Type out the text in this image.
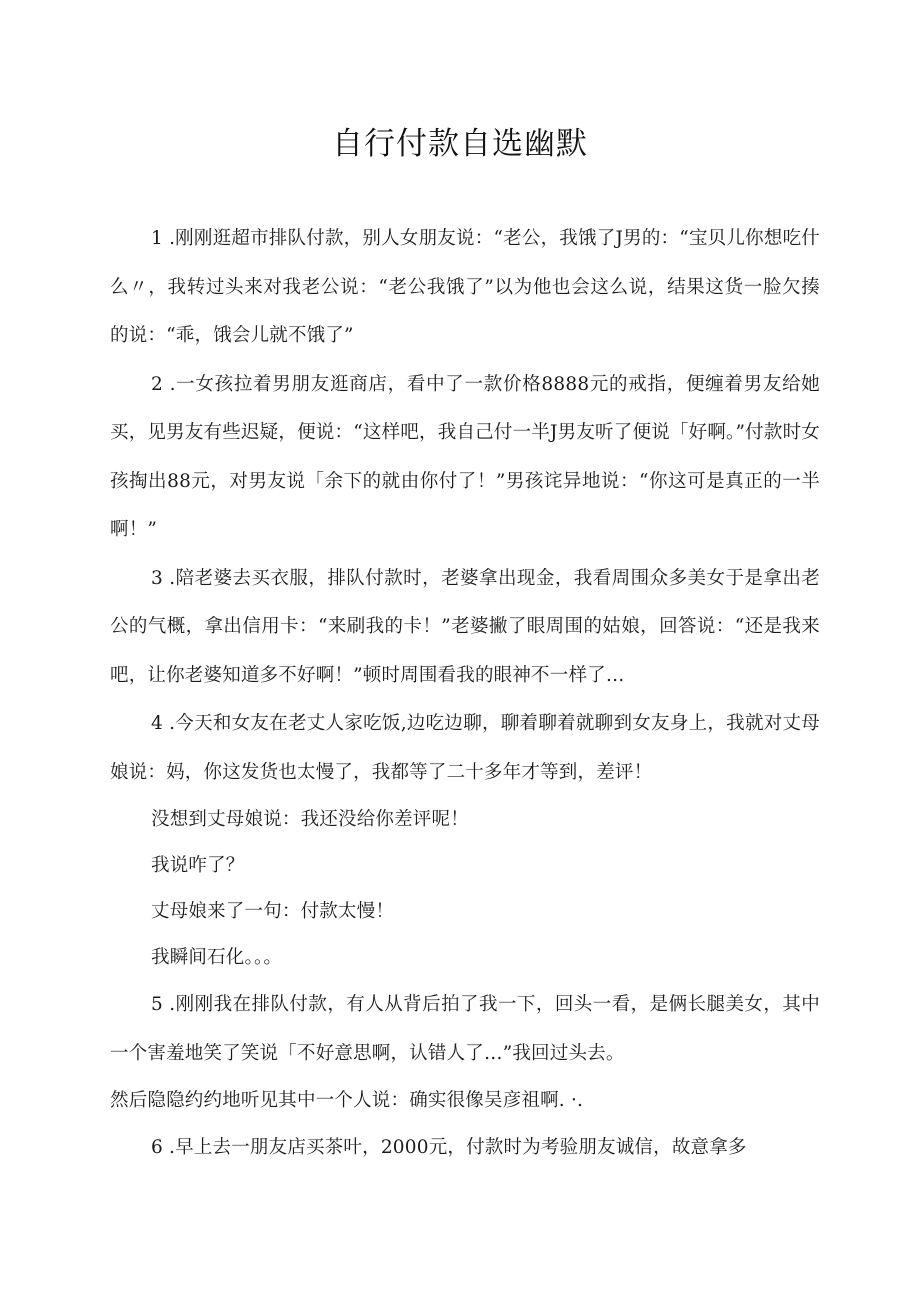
自行付款自选幽默

1 .刚刚逛超市排队付款，别人女朋友说：“老公，我饿了J男的：“宝贝儿你想吃什么〃，我转过头来对我老公说：“老公我饿了”以为他也会这么说，结果这货一脸欠揍的说：“乖，饿会儿就不饿了”

2 .一女孩拉着男朋友逛商店，看中了一款价格8888元的戒指，便缠着男友给她买，见男友有些迟疑，便说：“这样吧，我自己付一半J男友听了便说「好啊。”付款时女孩掏出88元，对男友说「余下的就由你付了！”男孩诧异地说：“你这可是真正的一半啊！”

3 .陪老婆去买衣服，排队付款时，老婆拿出现金，我看周围众多美女于是拿出老公的气概，拿出信用卡：“来刷我的卡！”老婆撇了眼周围的姑娘，回答说：“还是我来吧，让你老婆知道多不好啊！”顿时周围看我的眼神不一样了…

4 .今天和女友在老丈人家吃饭,边吃边聊，聊着聊着就聊到女友身上，我就对丈母娘说：妈，你这发货也太慢了，我都等了二十多年才等到，差评！

没想到丈母娘说：我还没给你差评呢！

我说咋了？

丈母娘来了一句：付款太慢！

我瞬间石化。。。

5 .刚刚我在排队付款，有人从背后拍了我一下，回头一看，是俩长腿美女，其中一个害羞地笑了笑说「不好意思啊，认错人了…”我回过头去。

然后隐隐约约地听见其中一个人说：确实很像吴彦祖啊. ·.

6 .早上去一朋友店买茶叶，2000元，付款时为考验朋友诚信，故意拿多
